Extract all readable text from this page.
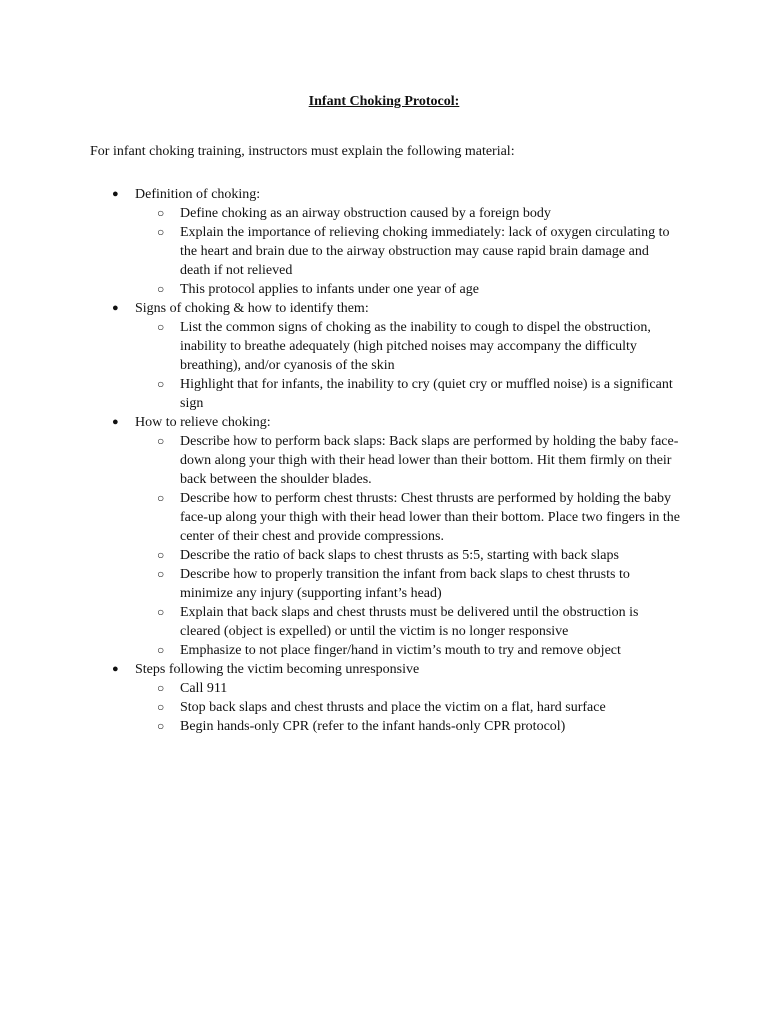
Infant Choking Protocol:
For infant choking training, instructors must explain the following material:
●	Definition of choking:
○	Define choking as an airway obstruction caused by a foreign body
○	Explain the importance of relieving choking immediately: lack of oxygen circulating to the heart and brain due to the airway obstruction may cause rapid brain damage and death if not relieved
○	This protocol applies to infants under one year of age
●	Signs of choking & how to identify them:
○	List the common signs of choking as the inability to cough to dispel the obstruction, inability to breathe adequately (high pitched noises may accompany the difficulty breathing), and/or cyanosis of the skin
○	Highlight that for infants, the inability to cry (quiet cry or muffled noise) is a significant sign
●	How to relieve choking:
○	Describe how to perform back slaps: Back slaps are performed by holding the baby face-down along your thigh with their head lower than their bottom. Hit them firmly on their back between the shoulder blades.
○	Describe how to perform chest thrusts: Chest thrusts are performed by holding the baby face-up along your thigh with their head lower than their bottom. Place two fingers in the center of their chest and provide compressions.
○	Describe the ratio of back slaps to chest thrusts as 5:5, starting with back slaps
○	Describe how to properly transition the infant from back slaps to chest thrusts to minimize any injury (supporting infant’s head)
○	Explain that back slaps and chest thrusts must be delivered until the obstruction is cleared (object is expelled) or until the victim is no longer responsive
○	Emphasize to not place finger/hand in victim’s mouth to try and remove object
●	Steps following the victim becoming unresponsive
○	Call 911
○	Stop back slaps and chest thrusts and place the victim on a flat, hard surface
○	Begin hands-only CPR (refer to the infant hands-only CPR protocol)
